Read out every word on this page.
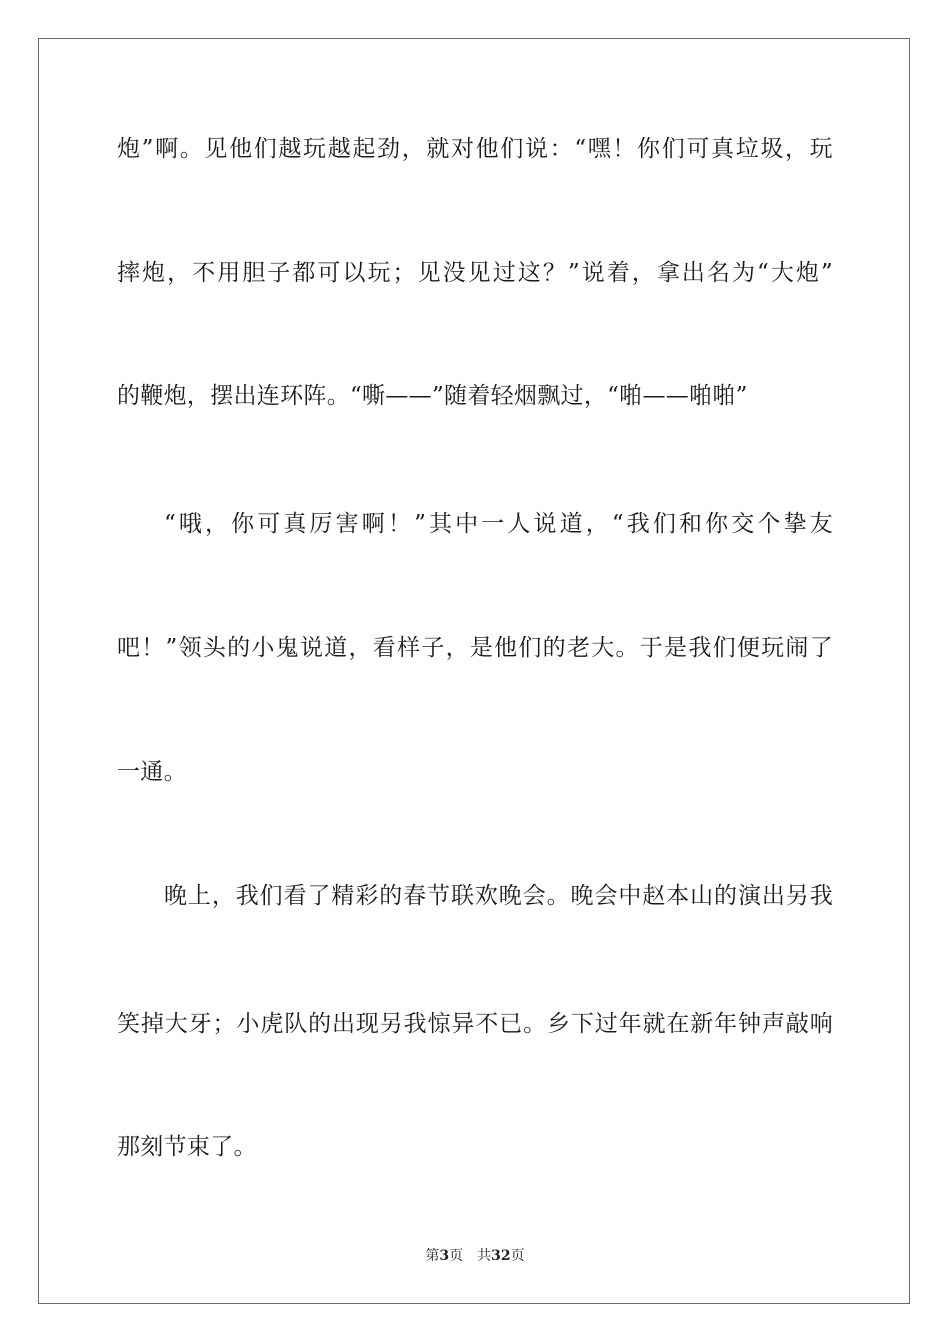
炮”啊。见他们越玩越起劲，就对他们说：“嘿！你们可真垃圾，玩
摔炮，不用胆子都可以玩；见没见过这？”说着，拿出名为“大炮”
的鞭炮，摆出连环阵。“嘶——”随着轻烟飘过，“啪——啪啪”
“哦，你可真厉害啊！”其中一人说道，“我们和你交个挚友
吧！”领头的小鬼说道，看样子，是他们的老大。于是我们便玩闹了
一通。
晚上，我们看了精彩的春节联欢晚会。晚会中赵本山的演出另我
笑掉大牙；小虎队的出现另我惊异不已。乡下过年就在新年钟声敲响
那刻节束了。
第3页 共32页
